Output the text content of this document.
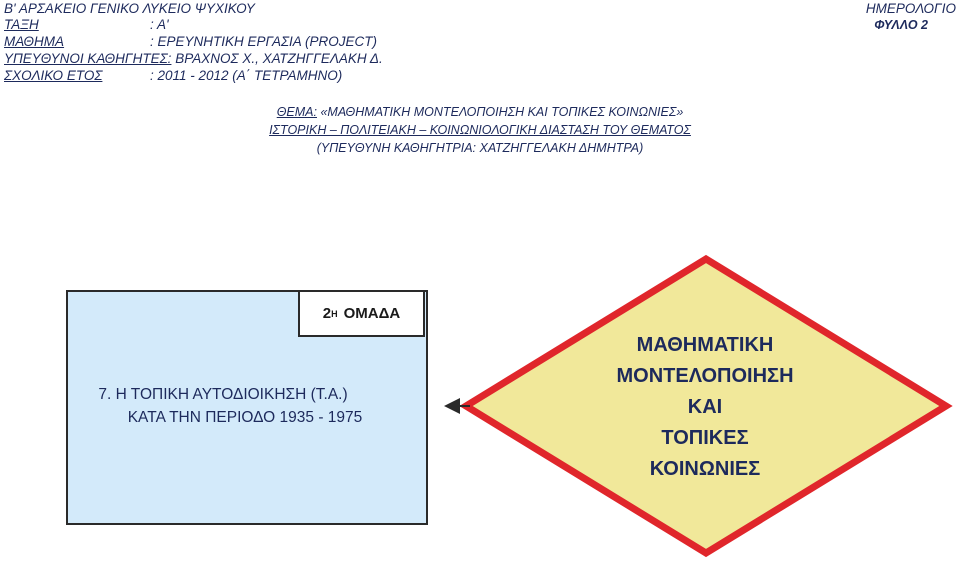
Β' ΑΡΣΑΚΕΙΟ ΓΕΝΙΚΟ ΛΥΚΕΙΟ ΨΥΧΙΚΟΥ
ΤΑΞΗ	: Α'
ΜΑΘΗΜΑ	: ΕΡΕΥΝΗΤΙΚΗ ΕΡΓΑΣΙΑ (PROJECT)
ΥΠΕΥΘΥΝΟΙ ΚΑΘΗΓΗΤΕΣ: ΒΡΑΧΝΟΣ Χ., ΧΑΤΖΗΓΓΕΛΑΚΗ Δ.
ΣΧΟΛΙΚΟ ΕΤΟΣ	: 2011 - 2012 (Α΄ ΤΕΤΡΑΜΗΝΟ)
ΗΜΕΡΟΛΟΓΙΟ
ΦΥΛΛΟ 2
ΘΕΜΑ: «ΜΑΘΗΜΑΤΙΚΗ ΜΟΝΤΕΛΟΠΟΙΗΣΗ ΚΑΙ ΤΟΠΙΚΕΣ ΚΟΙΝΩΝΙΕΣ»
ΙΣΤΟΡΙΚΗ – ΠΟΛΙΤΕΙΑΚΗ – ΚΟΙΝΩΝΙΟΛΟΓΙΚΗ ΔΙΑΣΤΑΣΗ ΤΟΥ ΘΕΜΑΤΟΣ
(ΥΠΕΥΘΥΝΗ ΚΑΘΗΓΗΤΡΙΑ: ΧΑΤΖΗΓΓΕΛΑΚΗ ΔΗΜΗΤΡΑ)
2 Η ΟΜΑΔΑ
7. Η ΤΟΠΙΚΗ ΑΥΤΟΔΙΟΙΚΗΣΗ (Τ.Α.)
ΚΑΤΑ ΤΗΝ ΠΕΡΙΟΔΟ 1935 - 1975
ΜΑΘΗΜΑΤΙΚΗ
ΜΟΝΤΕΛΟΠΟΙΗΣΗ
ΚΑΙ
ΤΟΠΙΚΕΣ
ΚΟΙΝΩΝΙΕΣ
